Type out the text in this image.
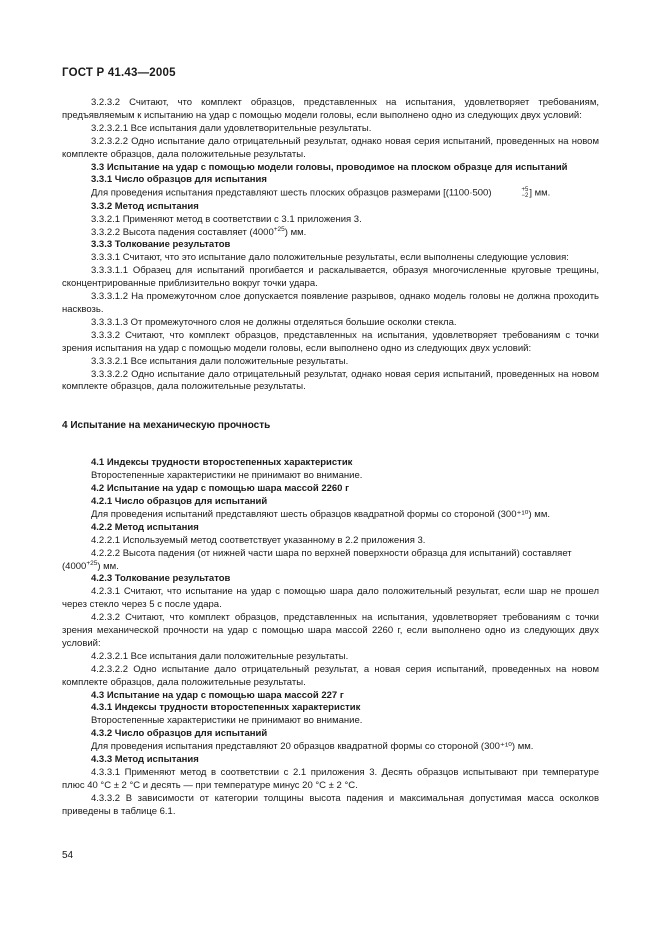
ГОСТ Р 41.43—2005

3.2.3.2 Считают, что комплект образцов, представленных на испытания, удовлетворяет требованиям, предъявляемым к испытанию на удар с помощью модели головы, если выполнено одно из следующих двух условий:

3.2.3.2.1 Все испытания дали удовлетворительные результаты.

3.2.3.2.2 Одно испытание дало отрицательный результат, однако новая серия испытаний, проведенных на новом комплекте образцов, дала положительные результаты.

3.3 Испытание на удар с помощью модели головы, проводимое на плоском образце для испытаний

3.3.1 Число образцов для испытания

Для проведения испытания представляют шесть плоских образцов размерами [(1100·500)	+5
−2 ] мм.

3.3.2 Метод испытания

3.3.2.1 Применяют метод в соответствии с 3.1 приложения 3.

3.3.2.2 Высота падения составляет $(4000^{+25})$ мм.

3.3.3 Толкование результатов

3.3.3.1 Считают, что это испытание дало положительные результаты, если выполнены следующие условия:

3.3.3.1.1 Образец для испытаний прогибается и раскалывается, образуя многочисленные круговые трещины, сконцентрированные приблизительно вокруг точки удара.

3.3.3.1.2 На промежуточном слое допускается появление разрывов, однако модель головы не должна проходить насквозь.

3.3.3.1.3 От промежуточного слоя не должны отделяться большие осколки стекла.

3.3.3.2 Считают, что комплект образцов, представленных на испытания, удовлетворяет требованиям с точки зрения испытания на удар с помощью модели головы, если выполнено одно из следующих двух условий:

3.3.3.2.1 Все испытания дали положительные результаты.

3.3.3.2.2 Одно испытание дало отрицательный результат, однако новая серия испытаний, проведенных на новом комплекте образцов, дала положительные результаты.

4 Испытание на механическую прочность

4.1 Индексы трудности второстепенных характеристик

Второстепенные характеристики не принимают во внимание.

4.2 Испытание на удар с помощью шара массой 2260 г

4.2.1 Число образцов для испытаний

Для проведения испытаний представляют шесть образцов квадратной формы со стороной (300⁺¹⁰) мм.

4.2.2 Метод испытания

4.2.2.1 Используемый метод соответствует указанному в 2.2 приложения 3.

4.2.2.2 Высота падения (от нижней части шара по верхней поверхности образца для испытаний) составляет

$(4000^{+25})$ мм.

4.2.3 Толкование результатов

4.2.3.1 Считают, что испытание на удар с помощью шара дало положительный результат, если шар не прошел через стекло через 5 с после удара.

4.2.3.2 Считают, что комплект образцов, представленных на испытания, удовлетворяет требованиям с точки зрения механической прочности на удар с помощью шара массой 2260 г, если выполнено одно из следующих двух условий:

4.2.3.2.1 Все испытания дали положительные результаты.

4.2.3.2.2 Одно испытание дало отрицательный результат, а новая серия испытаний, проведенных на новом комплекте образцов, дала положительные результаты.

4.3 Испытание на удар с помощью шара массой 227 г

4.3.1 Индексы трудности второстепенных характеристик

Второстепенные характеристики не принимают во внимание.

4.3.2 Число образцов для испытаний

Для проведения испытания представляют 20 образцов квадратной формы со стороной (300⁺¹⁰) мм.

4.3.3 Метод испытания

4.3.3.1 Применяют метод в соответствии с 2.1 приложения 3. Десять образцов испытывают при температуре плюс 40 °С ± 2 °С и десять — при температуре минус 20 °С ± 2 °С.

4.3.3.2 В зависимости от категории толщины высота падения и максимальная допустимая масса осколков приведены в таблице 6.1.

54
